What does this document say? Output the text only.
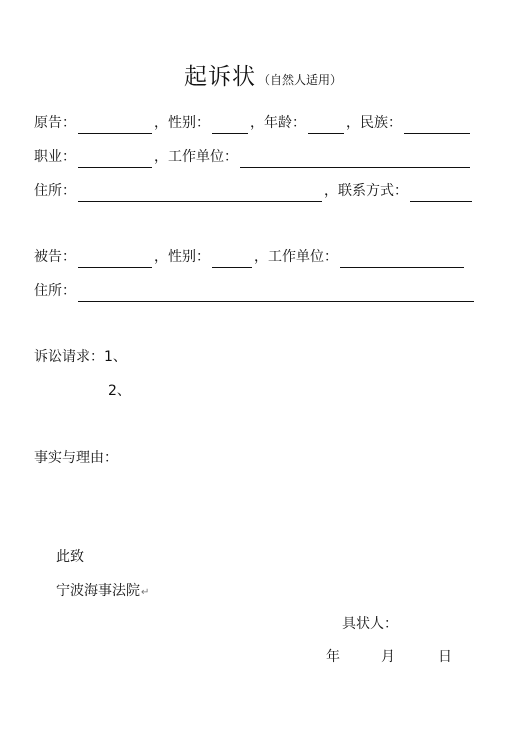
起诉状 （自然人适用）
原告：	，性别：	，年龄：	，民族：
职业：	，工作单位：
住所：	，联系方式：
被告：	，性别：	，工作单位：
住所：
诉讼请求：1、
2、
事实与理由：
此致
宁波海事法院↵
具状人：
年	月	日
